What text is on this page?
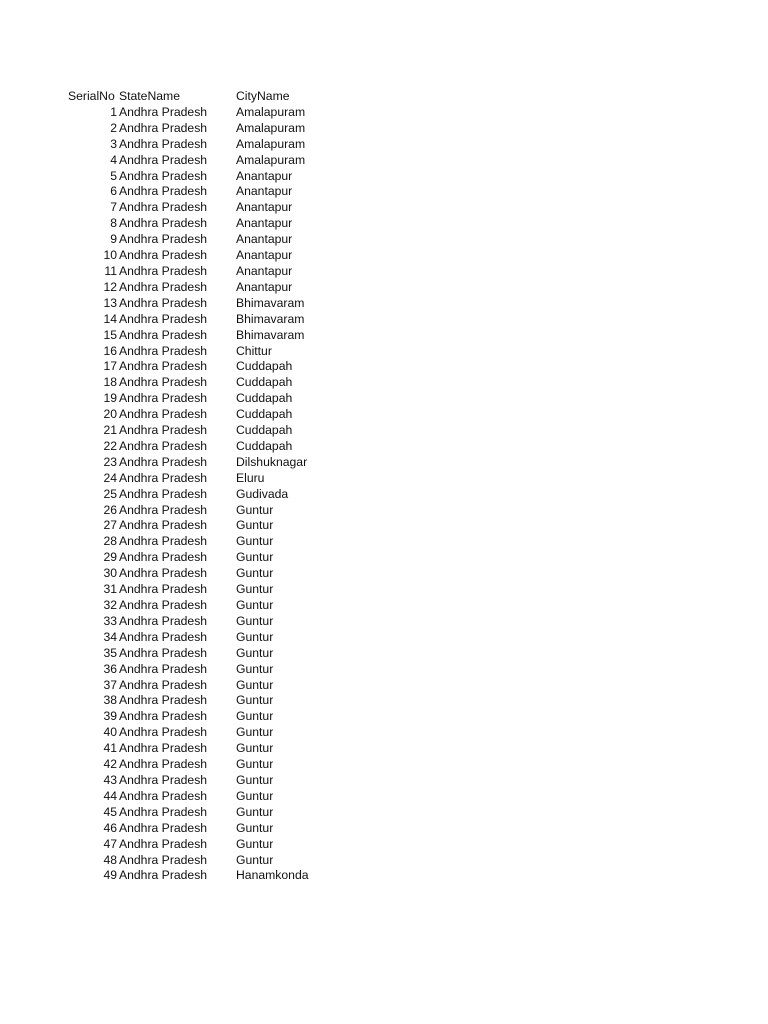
SerialNo StateName	CityName
1 Andhra Pradesh Amalapuram
2 Andhra Pradesh Amalapuram
3 Andhra Pradesh Amalapuram
4 Andhra Pradesh Amalapuram
5 Andhra Pradesh Anantapur
6 Andhra Pradesh Anantapur
7 Andhra Pradesh Anantapur
8 Andhra Pradesh Anantapur
9 Andhra Pradesh Anantapur
10 Andhra Pradesh Anantapur
11 Andhra Pradesh Anantapur
12 Andhra Pradesh Anantapur
13 Andhra Pradesh Bhimavaram
14 Andhra Pradesh Bhimavaram
15 Andhra Pradesh Bhimavaram
16 Andhra Pradesh Chittur
17 Andhra Pradesh Cuddapah
18 Andhra Pradesh Cuddapah
19 Andhra Pradesh Cuddapah
20 Andhra Pradesh Cuddapah
21 Andhra Pradesh Cuddapah
22 Andhra Pradesh Cuddapah
23 Andhra Pradesh Dilshuknagar
24 Andhra Pradesh Eluru
25 Andhra Pradesh Gudivada
26 Andhra Pradesh Guntur
27 Andhra Pradesh Guntur
28 Andhra Pradesh Guntur
29 Andhra Pradesh Guntur
30 Andhra Pradesh Guntur
31 Andhra Pradesh Guntur
32 Andhra Pradesh Guntur
33 Andhra Pradesh Guntur
34 Andhra Pradesh Guntur
35 Andhra Pradesh Guntur
36 Andhra Pradesh Guntur
37 Andhra Pradesh Guntur
38 Andhra Pradesh Guntur
39 Andhra Pradesh Guntur
40 Andhra Pradesh Guntur
41 Andhra Pradesh Guntur
42 Andhra Pradesh Guntur
43 Andhra Pradesh Guntur
44 Andhra Pradesh Guntur
45 Andhra Pradesh Guntur
46 Andhra Pradesh Guntur
47 Andhra Pradesh Guntur
48 Andhra Pradesh Guntur
49 Andhra Pradesh Hanamkonda
